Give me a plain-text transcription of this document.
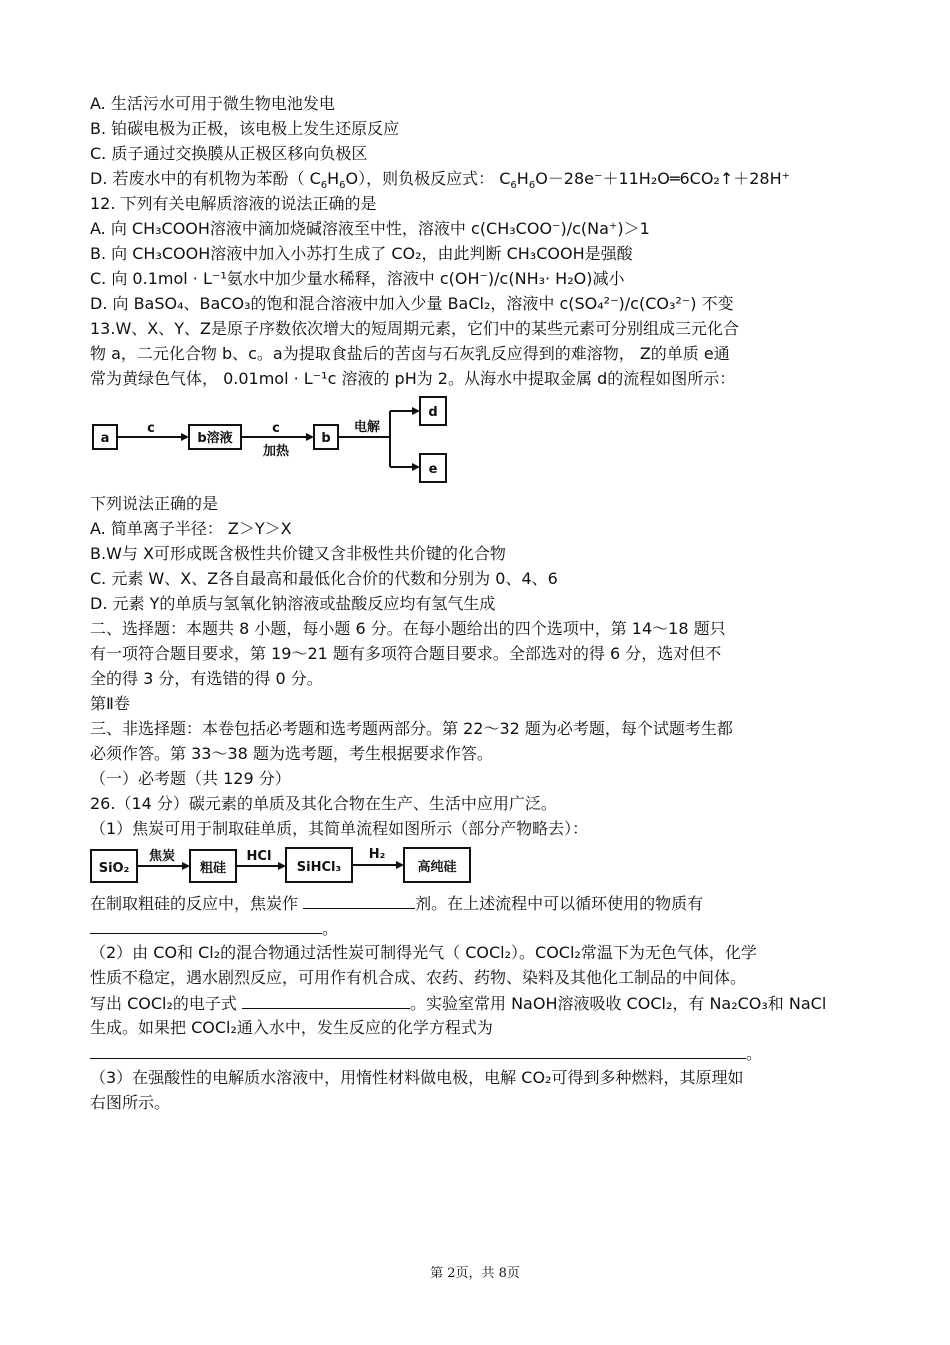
A. 生活污水可用于微生物电池发电
B. 铂碳电极为正极，该电极上发生还原反应
C. 质子通过交换膜从正极区移向负极区
D. 若废水中的有机物为苯酚（ $C_6H_6O$），则负极反应式： $C_6H_6O-28e^-+11H_2O═6CO_2↑+28H^+$
12. 下列有关电解质溶液的说法正确的是
A. 向 CH₃COOH溶液中滴加烧碱溶液至中性，溶液中 c(CH₃COO⁻)/c(Na⁺)＞1
B. 向 CH₃COOH溶液中加入小苏打生成了 CO₂，由此判断 CH₃COOH是强酸
C. 向 0.1mol · L⁻¹氨水中加少量水稀释，溶液中 c(OH⁻)/c(NH₃· H₂O)减小
D. 向 BaSO₄、BaCO₃的饱和混合溶液中加入少量 BaCl₂，溶液中 c(SO₄²⁻)/c(CO₃²⁻) 不变
13.W、X、Y、Z是原子序数依次增大的短周期元素，它们中的某些元素可分别组成三元化合
物 a，二元化合物 b、c。a为提取食盐后的苦卤与石灰乳反应得到的难溶物， Z的单质 e通
常为黄绿色气体， 0.01mol · L⁻¹c 溶液的 pH为 2。从海水中提取金属 d的流程如图所示：
a
c
b溶液
c
加热
b
电解
d
e
下列说法正确的是
A. 简单离子半径： Z＞Y＞X
B.W与 X可形成既含极性共价键又含非极性共价键的化合物
C. 元素 W、X、Z各自最高和最低化合价的代数和分别为 0、4、6
D. 元素 Y的单质与氢氧化钠溶液或盐酸反应均有氢气生成
二、选择题：本题共 8 小题，每小题 6 分。在每小题给出的四个选项中，第 14～18 题只
有一项符合题目要求，第 19～21 题有多项符合题目要求。全部选对的得 6 分，选对但不
全的得 3 分，有选错的得 0 分。
第Ⅱ卷
三、非选择题：本卷包括必考题和选考题两部分。第 22～32 题为必考题，每个试题考生都
必须作答。第 33～38 题为选考题，考生根据要求作答。
（一）必考题（共 129 分）
26.（14 分）碳元素的单质及其化合物在生产、生活中应用广泛。
（1）焦炭可用于制取硅单质，其简单流程如图所示（部分产物略去）：
SiO₂
焦炭
粗硅
HCl
SiHCl₃
H₂
高纯硅
在制取粗硅的反应中，焦炭作	剂。在上述流程中可以循环使用的物质有
。
（2）由 CO和 Cl₂的混合物通过活性炭可制得光气（ COCl₂）。COCl₂常温下为无色气体，化学
性质不稳定，遇水剧烈反应，可用作有机合成、农药、药物、染料及其他化工制品的中间体。
写出 COCl₂的电子式	。实验室常用 NaOH溶液吸收 COCl₂，有 Na₂CO₃和 NaCl
生成。如果把 COCl₂通入水中，发生反应的化学方程式为
。
（3）在强酸性的电解质水溶液中，用惰性材料做电极，电解 CO₂可得到多种燃料，其原理如
右图所示。
第 2页，共 8页
